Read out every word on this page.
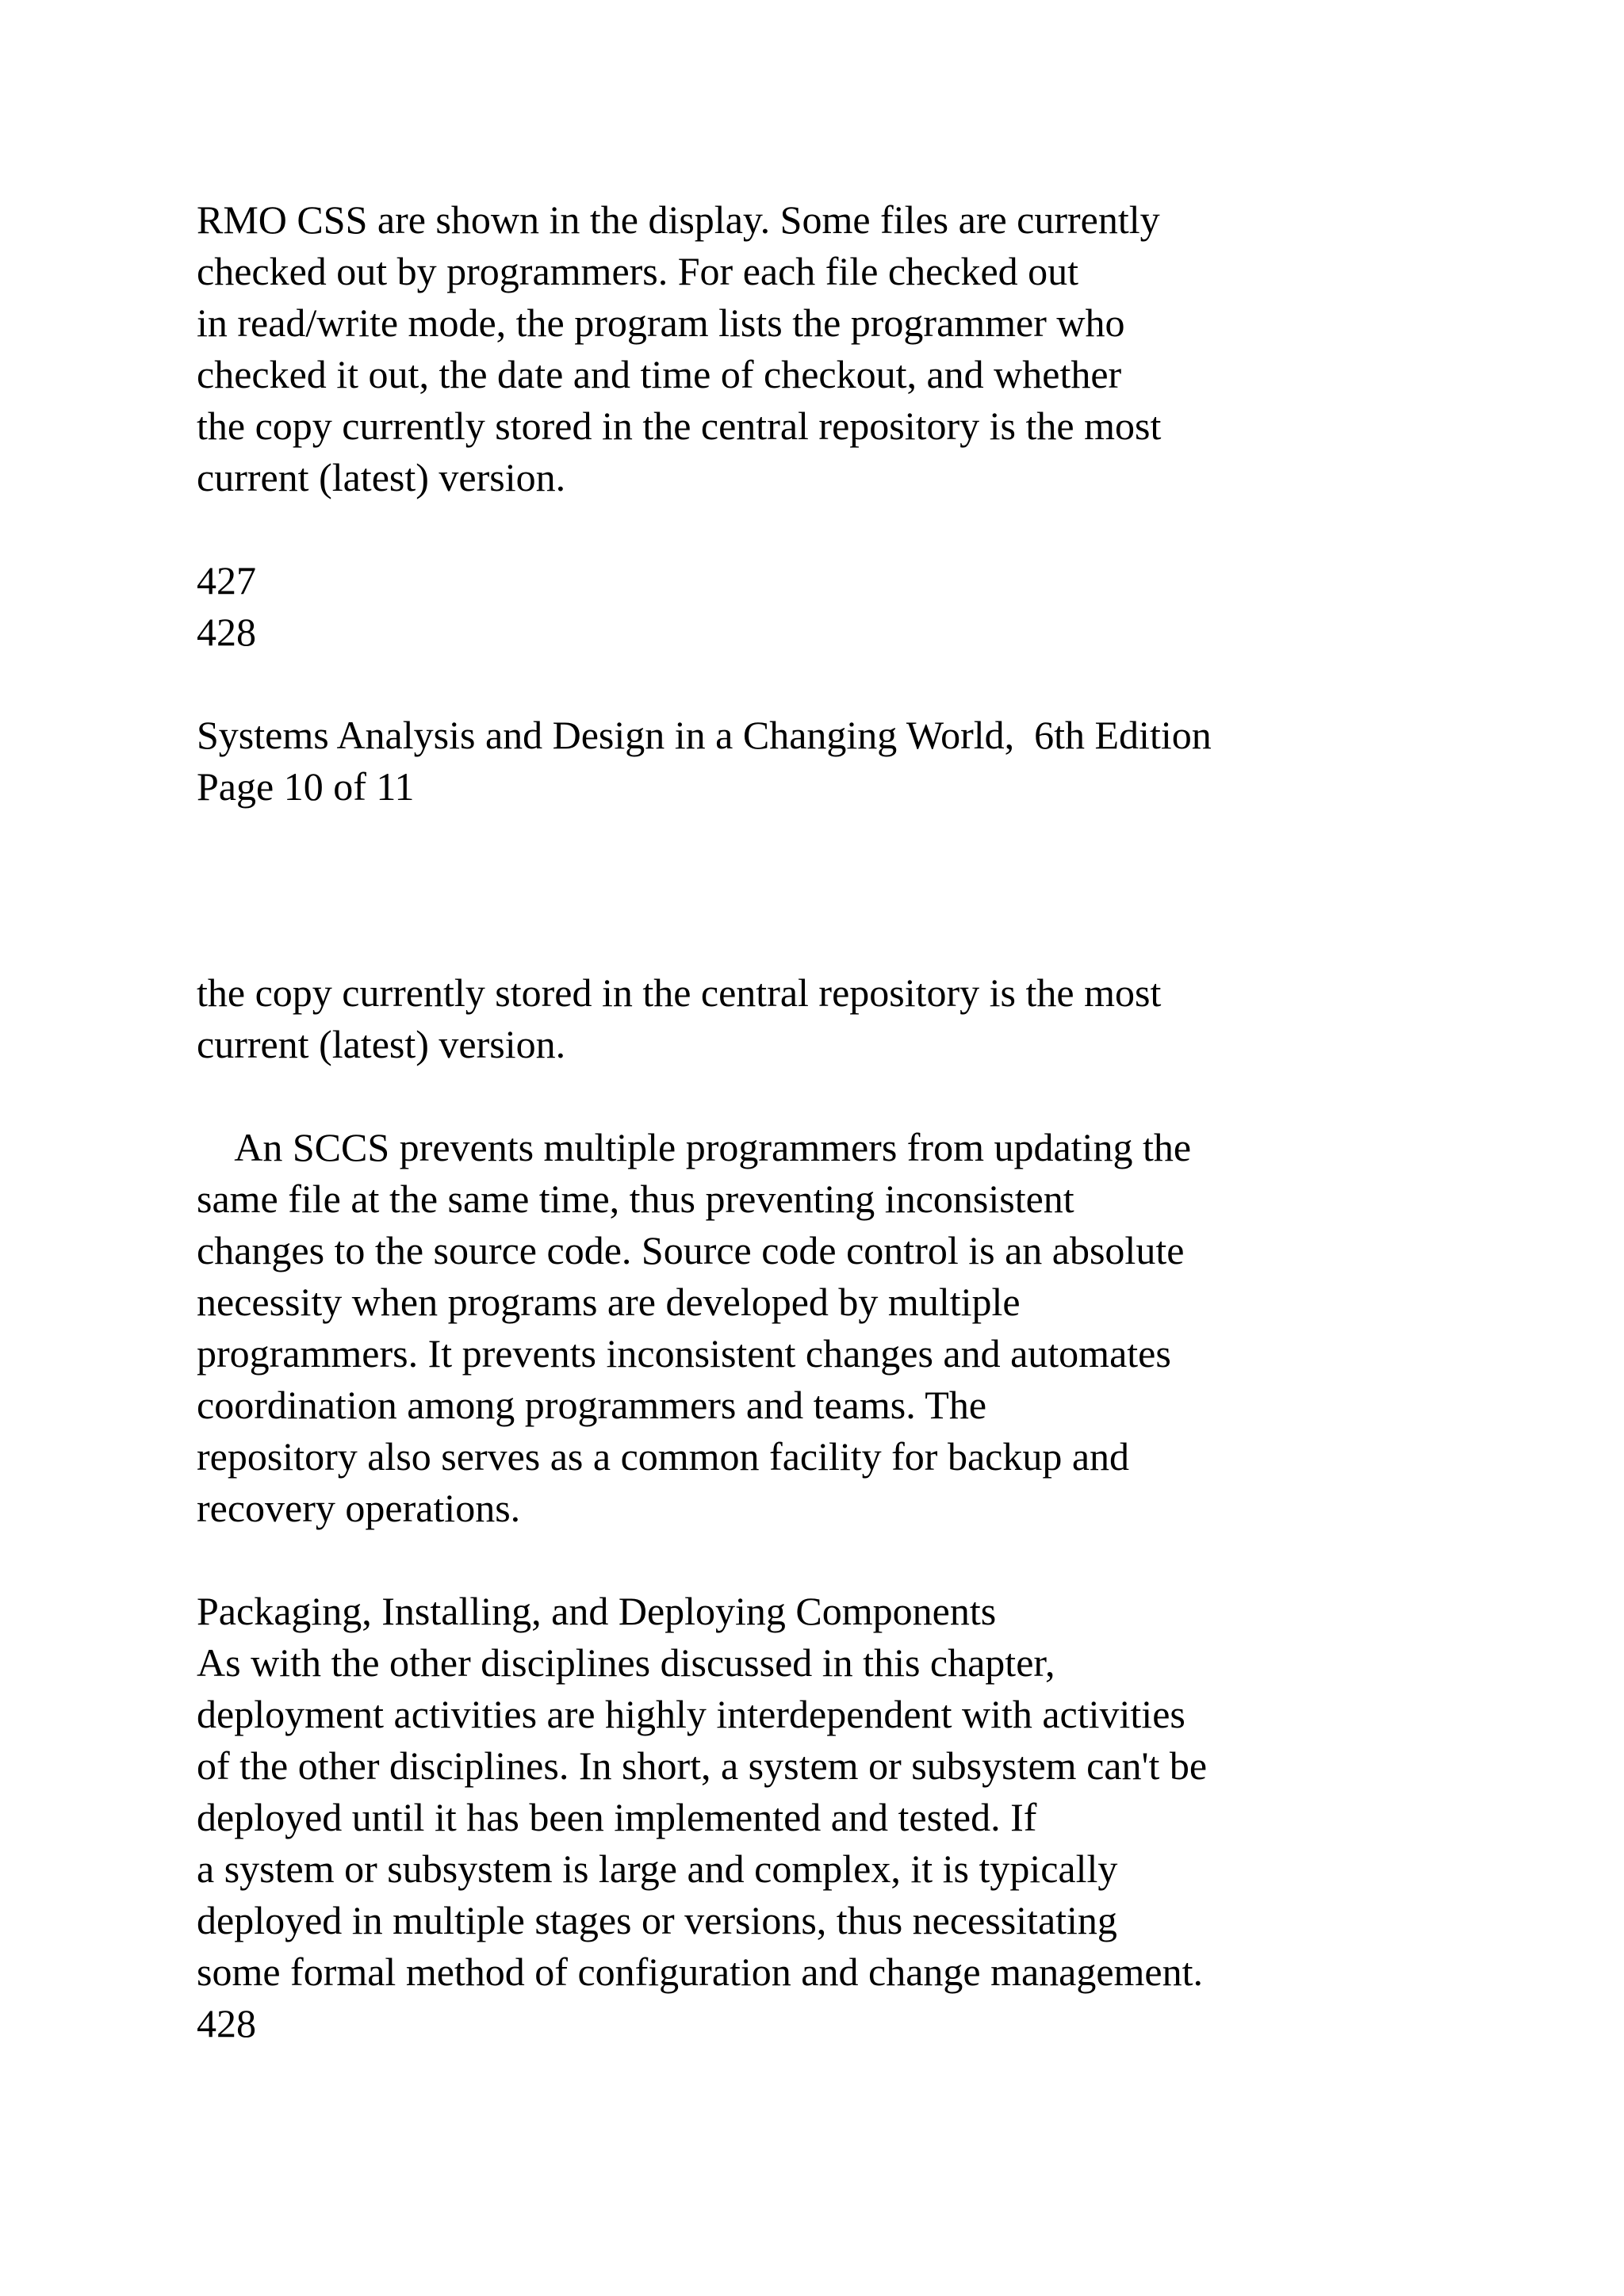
RMO CSS are shown in the display. Some files are currently
checked out by programmers. For each file checked out
in read/write mode, the program lists the programmer who
checked it out, the date and time of checkout, and whether
the copy currently stored in the central repository is the most
current (latest) version.

427
428

Systems Analysis and Design in a Changing World,  6th Edition
Page 10 of 11

the copy currently stored in the central repository is the most
current (latest) version.

An SCCS prevents multiple programmers from updating the
same file at the same time, thus preventing inconsistent
changes to the source code. Source code control is an absolute
necessity when programs are developed by multiple
programmers. It prevents inconsistent changes and automates
coordination among programmers and teams. The
repository also serves as a common facility for backup and
recovery operations.

Packaging, Installing, and Deploying Components
As with the other disciplines discussed in this chapter,
deployment activities are highly interdependent with activities
of the other disciplines. In short, a system or subsystem can't be
deployed until it has been implemented and tested. If
a system or subsystem is large and complex, it is typically
deployed in multiple stages or versions, thus necessitating
some formal method of configuration and change management.
428
